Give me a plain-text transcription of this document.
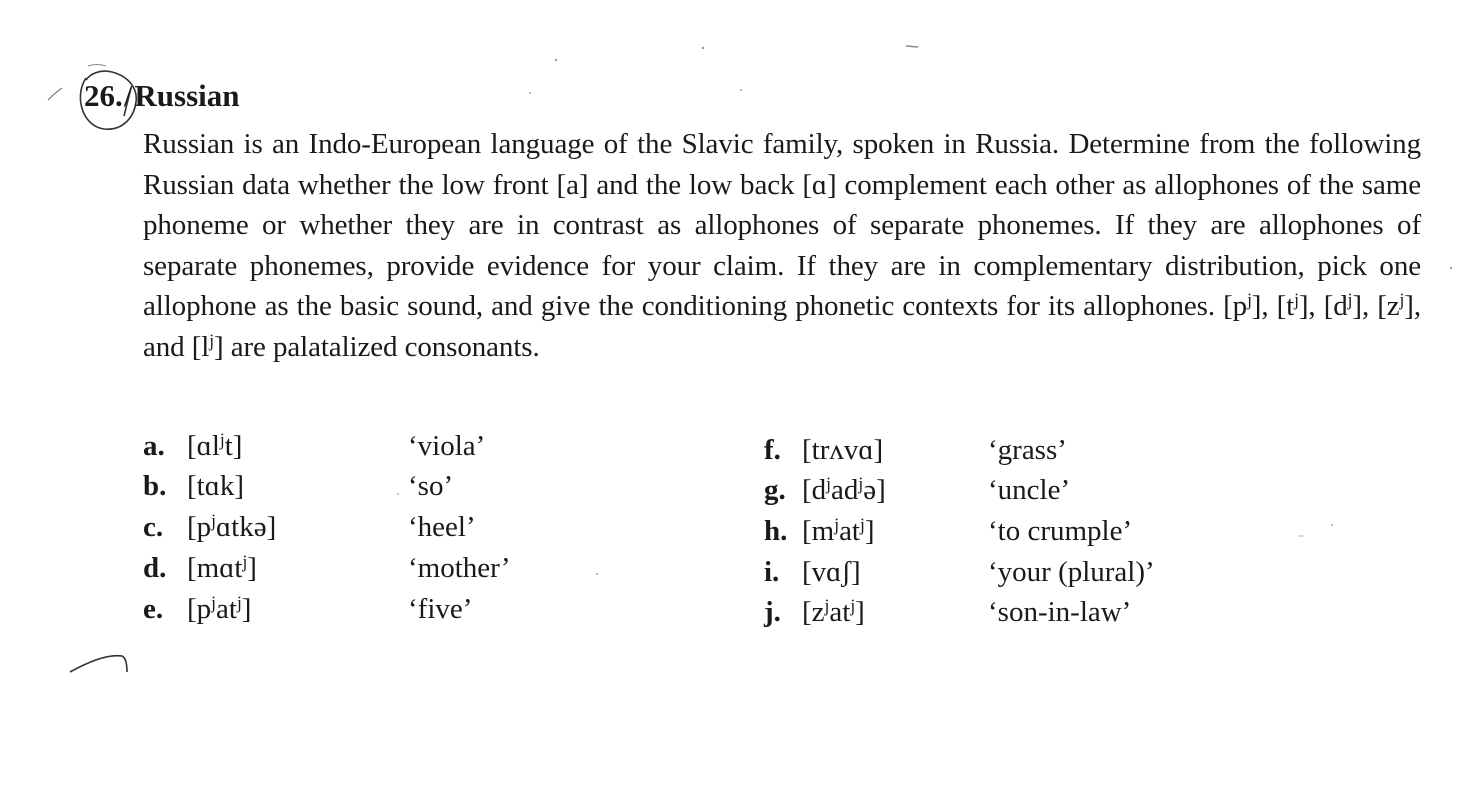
26./Russian
Russian is an Indo-European language of the Slavic family, spoken in Russia. Determine from the following Russian data whether the low front [a] and the low back [ɑ] complement each other as allophones of the same phoneme or whether they are in contrast as allophones of separate phonemes. If they are allophones of separate phonemes, provide evidence for your claim. If they are in complementary distribution, pick one allophone as the basic sound, and give the conditioning phonetic contexts for its allophones. $[p^j]$, $[t^j]$, $[d^j]$, $[z^j]$, and $[l^j]$ are palatalized consonants.
a. [ɑl$^j$t]	‘viola’
b. [tɑk]	‘so’
c. $[p^jɑtkə]$	‘heel’
d. [mɑt$^j$]	‘mother’
e. $[p^jat^j]$	‘five’
f. [trʌvɑ]	‘grass’
g. $[d^jad^jə]$	‘uncle’
h. $[m^jat^j]$	‘to crumple’
i. [vɑʃ]	‘your (plural)’
j. $[z^jat^j]$	‘son-in-law’
